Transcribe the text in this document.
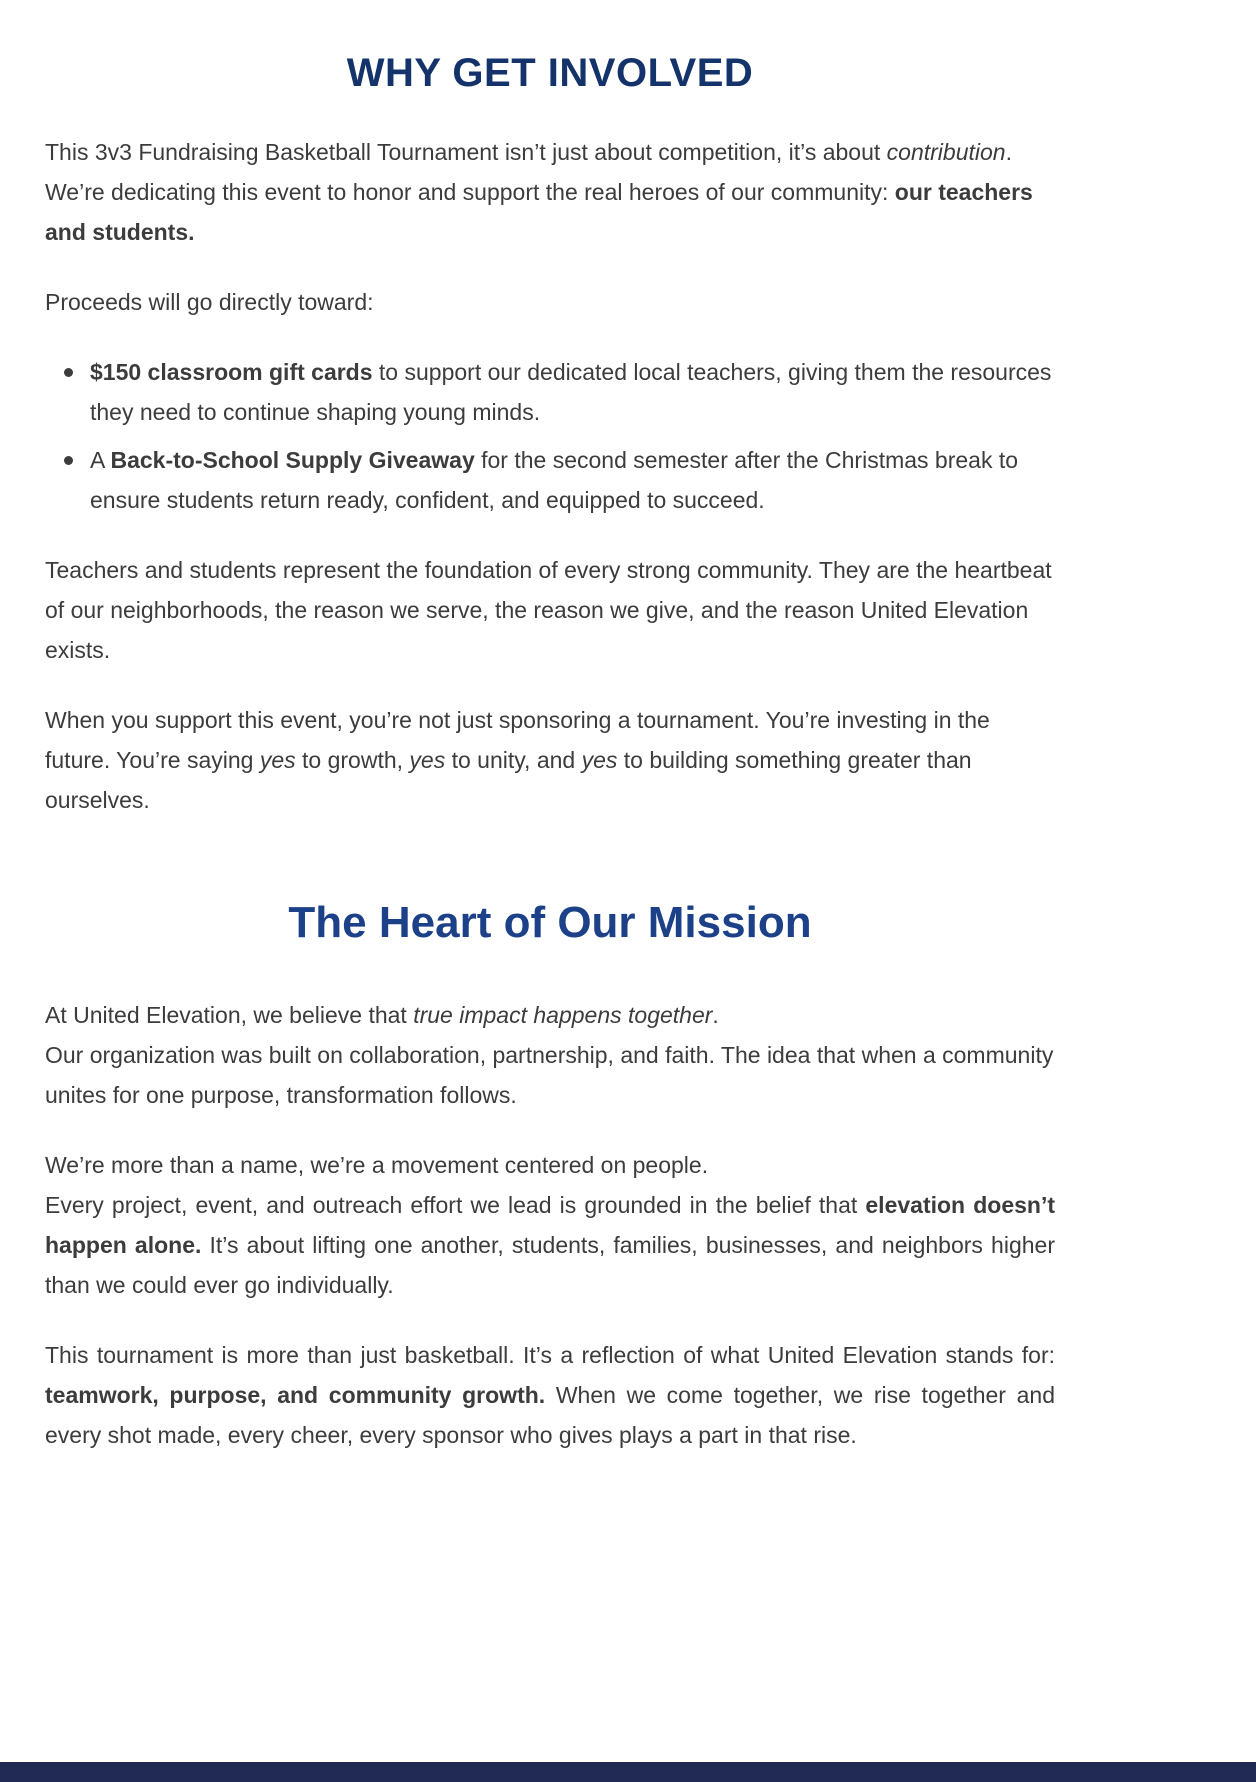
WHY GET INVOLVED

This 3v3 Fundraising Basketball Tournament isn’t just about competition, it’s about contribution.
We’re dedicating this event to honor and support the real heroes of our community: our teachers and students.

Proceeds will go directly toward:

$150 classroom gift cards to support our dedicated local teachers, giving them the resources they need to continue shaping young minds.
A Back-to-School Supply Giveaway for the second semester after the Christmas break to ensure students return ready, confident, and equipped to succeed.

Teachers and students represent the foundation of every strong community. They are the heartbeat of our neighborhoods, the reason we serve, the reason we give, and the reason United Elevation exists.

When you support this event, you’re not just sponsoring a tournament. You’re investing in the future. You’re saying yes to growth, yes to unity, and yes to building something greater than ourselves.

The Heart of Our Mission

At United Elevation, we believe that true impact happens together.
Our organization was built on collaboration, partnership, and faith. The idea that when a community unites for one purpose, transformation follows.

We’re more than a name, we’re a movement centered on people.
Every project, event, and outreach effort we lead is grounded in the belief that elevation doesn’t happen alone. It’s about lifting one another, students, families, businesses, and neighbors higher than we could ever go individually.

This tournament is more than just basketball. It’s a reflection of what United Elevation stands for: teamwork, purpose, and community growth. When we come together, we rise together and every shot made, every cheer, every sponsor who gives plays a part in that rise.
